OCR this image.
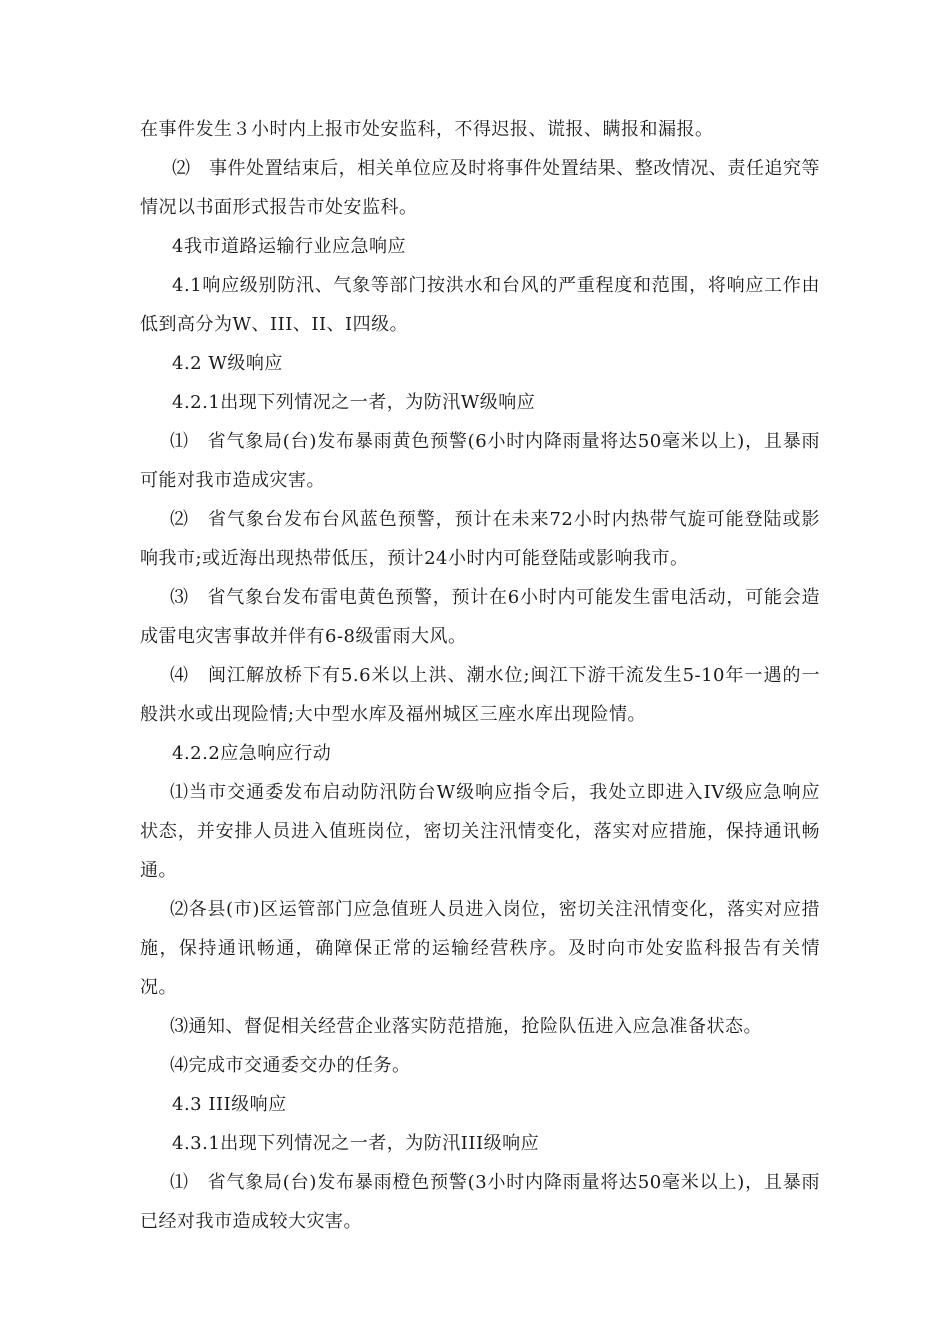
在事件发生３小时内上报市处安监科，不得迟报、谎报、瞒报和漏报。

⑵　事件处置结束后，相关单位应及时将事件处置结果、整改情况、责任追究等情况以书面形式报告市处安监科。

4我市道路运输行业应急响应

4.1响应级别防汛、气象等部门按洪水和台风的严重程度和范围，将响应工作由低到高分为W、III、II、I四级。

4.2 W级响应

4.2.1出现下列情况之一者，为防汛W级响应

⑴　省气象局(台)发布暴雨黄色预警(6小时内降雨量将达50毫米以上)，且暴雨可能对我市造成灾害。

⑵　省气象台发布台风蓝色预警，预计在未来72小时内热带气旋可能登陆或影响我市;或近海出现热带低压，预计24小时内可能登陆或影响我市。

⑶　省气象台发布雷电黄色预警，预计在6小时内可能发生雷电活动，可能会造成雷电灾害事故并伴有6-8级雷雨大风。

⑷　闽江解放桥下有5.6米以上洪、潮水位;闽江下游干流发生5-10年一遇的一般洪水或出现险情;大中型水库及福州城区三座水库出现险情。

4.2.2应急响应行动

⑴当市交通委发布启动防汛防台W级响应指令后，我处立即进入IV级应急响应状态，并安排人员进入值班岗位，密切关注汛情变化，落实对应措施，保持通讯畅通。

⑵各县(市)区运管部门应急值班人员进入岗位，密切关注汛情变化，落实对应措施，保持通讯畅通，确障保正常的运输经营秩序。及时向市处安监科报告有关情况。

⑶通知、督促相关经营企业落实防范措施，抢险队伍进入应急准备状态。

⑷完成市交通委交办的任务。

4.3 III级响应

4.3.1出现下列情况之一者，为防汛III级响应

⑴　省气象局(台)发布暴雨橙色预警(3小时内降雨量将达50毫米以上)，且暴雨已经对我市造成较大灾害。
